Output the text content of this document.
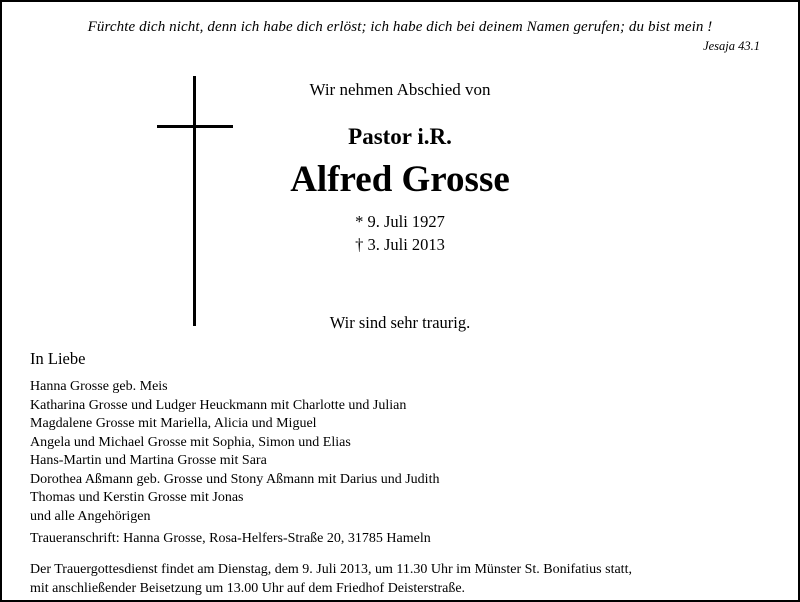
Fürchte dich nicht, denn ich habe dich erlöst; ich habe dich bei deinem Namen gerufen; du bist mein !
Jesaja 43.1
Wir nehmen Abschied von
Pastor i.R.
Alfred Grosse
* 9. Juli 1927
† 3. Juli 2013
Wir sind sehr traurig.
In Liebe
Hanna Grosse geb. Meis
Katharina Grosse und Ludger Heuckmann mit Charlotte und Julian
Magdalene Grosse mit Mariella, Alicia und Miguel
Angela und Michael Grosse mit Sophia, Simon und Elias
Hans-Martin und Martina Grosse mit Sara
Dorothea Aßmann geb. Grosse und Stony Aßmann mit Darius und Judith
Thomas und Kerstin Grosse mit Jonas
und alle Angehörigen
Traueranschrift: Hanna Grosse, Rosa-Helfers-Straße 20, 31785 Hameln
Der Trauergottesdienst findet am Dienstag, dem 9. Juli 2013, um 11.30 Uhr im Münster St. Bonifatius statt,
mit anschließender Beisetzung um 13.00 Uhr auf dem Friedhof Deisterstraße.
